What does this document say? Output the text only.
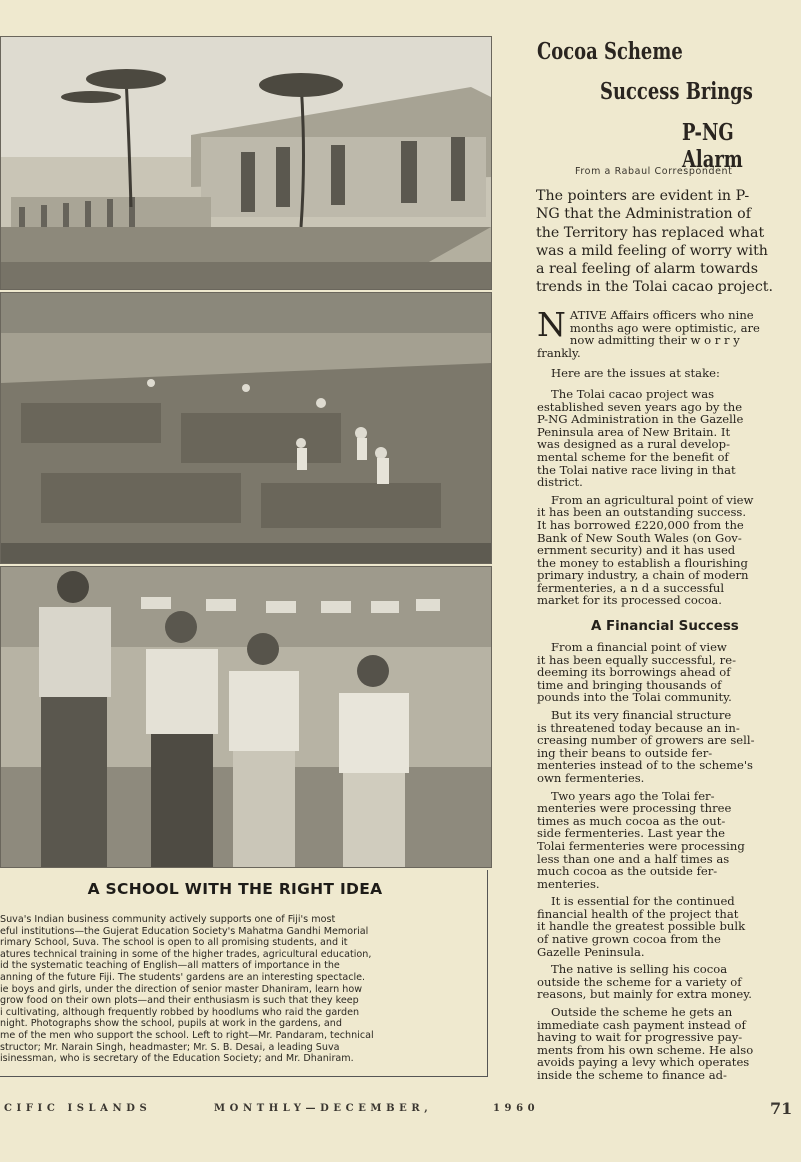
A SCHOOL WITH THE RIGHT IDEA

Suva's Indian business community actively supports one of Fiji's most
eful institutions—the Gujerat Education Society's Mahatma Gandhi Memorial
rimary School, Suva. The school is open to all promising students, and it
atures technical training in some of the higher trades, agricultural education,
id the systematic teaching of English—all matters of importance in the
anning of the future Fiji. The students' gardens are an interesting spectacle.
ie boys and girls, under the direction of senior master Dhaniram, learn how
grow food on their own plots—and their enthusiasm is such that they keep
i cultivating, although frequently robbed by hoodlums who raid the garden
night. Photographs show the school, pupils at work in the gardens, and
me of the men who support the school. Left to right—Mr. Pandaram, technical
structor; Mr. Narain Singh, headmaster; Mr. S. B. Desai, a leading Suva
isinessman, who is secretary of the Education Society; and Mr. Dhaniram.

Cocoa Scheme
Success Brings
P-NG Alarm
From a Rabaul Correspondent

The pointers are evident in P-
NG that the Administration of
the Territory has replaced what
was a mild feeling of worry with
a real feeling of alarm towards
trends in the Tolai cacao project.

N ATIVE Affairs officers who nine
months ago were optimistic, are
now admitting their w o r r y
frankly.

Here are the issues at stake:

The Tolai cacao project was
established seven years ago by the
P-NG Administration in the Gazelle
Peninsula area of New Britain. It
was designed as a rural develop-
mental scheme for the benefit of
the Tolai native race living in that
district.

From an agricultural point of view
it has been an outstanding success.
It has borrowed £220,000 from the
Bank of New South Wales (on Gov-
ernment security) and it has used
the money to establish a flourishing
primary industry, a chain of modern
fermenteries, a n d a successful
market for its processed cocoa.

A Financial Success

From a financial point of view
it has been equally successful, re-
deeming its borrowings ahead of
time and bringing thousands of
pounds into the Tolai community.

But its very financial structure
is threatened today because an in-
creasing number of growers are sell-
ing their beans to outside fer-
menteries instead of to the scheme's
own fermenteries.

Two years ago the Tolai fer-
menteries were processing three
times as much cocoa as the out-
side fermenteries. Last year the
Tolai fermenteries were processing
less than one and a half times as
much cocoa as the outside fer-
menteries.

It is essential for the continued
financial health of the project that
it handle the greatest possible bulk
of native grown cocoa from the
Gazelle Peninsula.

The native is selling his cocoa
outside the scheme for a variety of
reasons, but mainly for extra money.

Outside the scheme he gets an
immediate cash payment instead of
having to wait for progressive pay-
ments from his own scheme. He also
avoids paying a levy which operates
inside the scheme to finance ad-

CIFIC ISLANDS	MONTHLY—DECEMBER,	1960	71
